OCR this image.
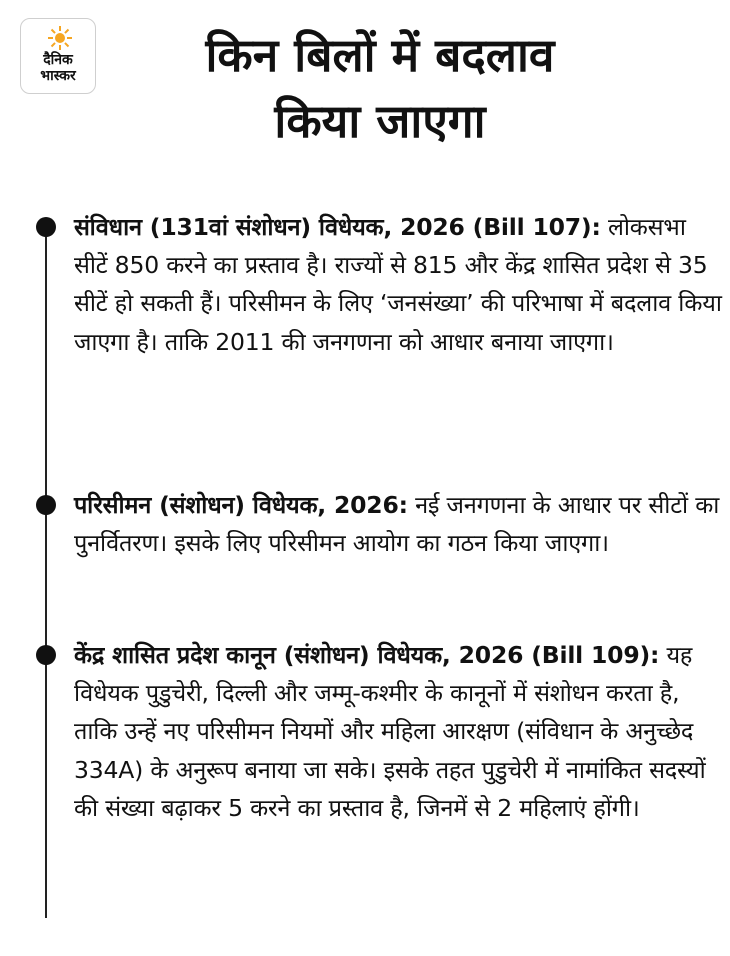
दैनिक
भास्कर	किन बिलों में बदलाव
किया जाएगा

संविधान (131वां संशोधन) विधेयक, 2026 (Bill 107): लोकसभा सीटें 850 करने का प्रस्ताव है। राज्यों से 815 और केंद्र शासित प्रदेश से 35 सीटें हो सकती हैं। परिसीमन के लिए ‘जनसंख्या’ की परिभाषा में बदलाव किया जाएगा है। ताकि 2011 की जनगणना को आधार बनाया जाएगा।

परिसीमन (संशोधन) विधेयक, 2026: नई जनगणना के आधार पर सीटों का पुनर्वितरण। इसके लिए परिसीमन आयोग का गठन किया जाएगा।

केंद्र शासित प्रदेश कानून (संशोधन) विधेयक, 2026 (Bill 109): यह विधेयक पुडुचेरी, दिल्ली और जम्मू-कश्मीर के कानूनों में संशोधन करता है, ताकि उन्हें नए परिसीमन नियमों और महिला आरक्षण (संविधान के अनुच्छेद 334A) के अनुरूप बनाया जा सके। इसके तहत पुडुचेरी में नामांकित सदस्यों की संख्या बढ़ाकर 5 करने का प्रस्ताव है, जिनमें से 2 महिलाएं होंगी।
